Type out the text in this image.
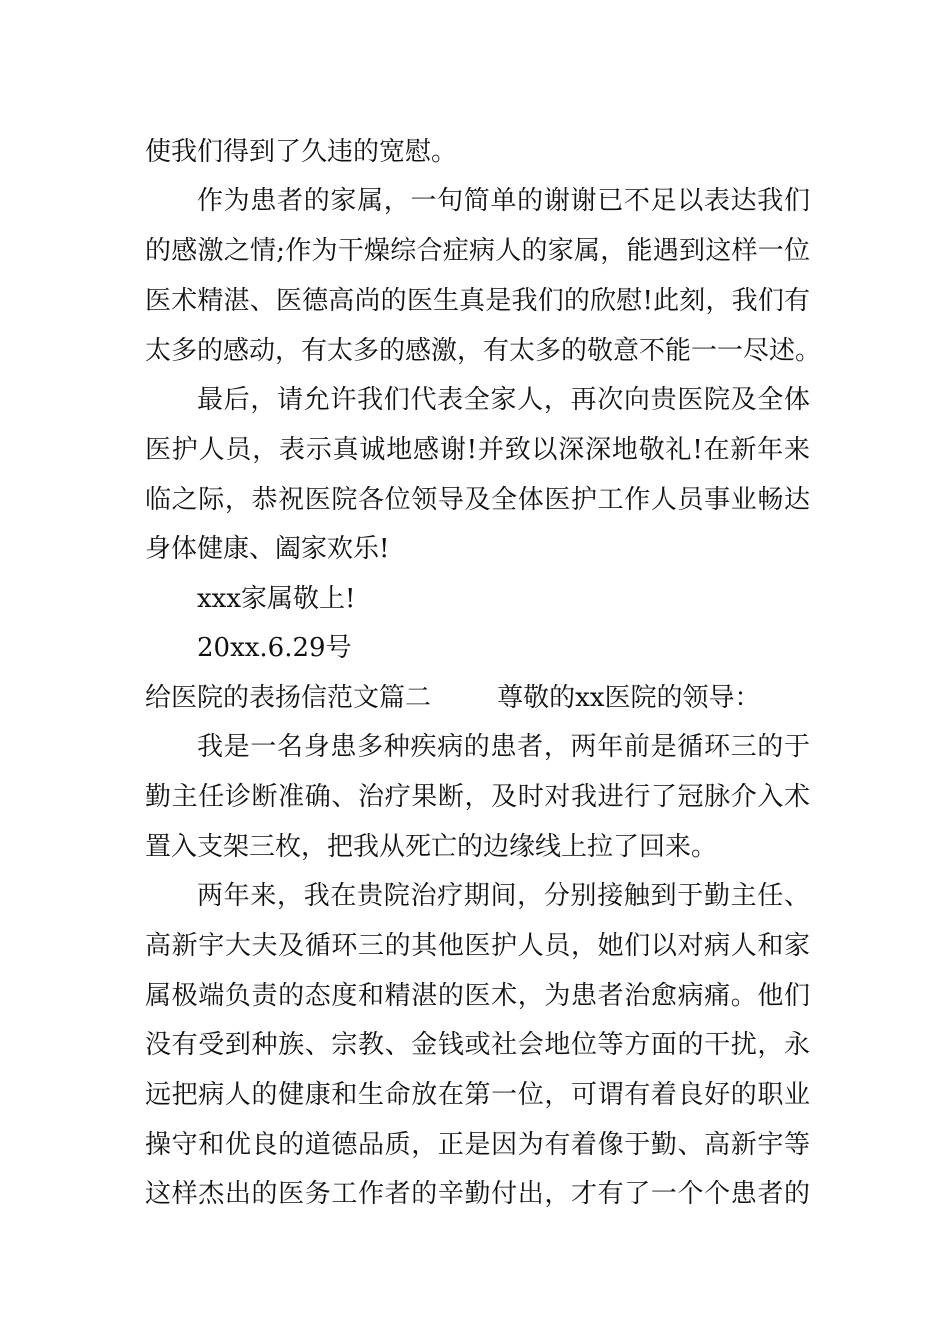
使我们得到了久违的宽慰。

作为患者的家属，一句简单的谢谢已不足以表达我们

的感激之情;作为干燥综合症病人的家属，能遇到这样一位

医术精湛、医德高尚的医生真是我们的欣慰!此刻，我们有

太多的感动，有太多的感激，有太多的敬意不能一一尽述。

最后，请允许我们代表全家人，再次向贵医院及全体

医护人员，表示真诚地感谢!并致以深深地敬礼!在新年来

临之际，恭祝医院各位领导及全体医护工作人员事业畅达

身体健康、阖家欢乐!

xxx家属敬上!

20xx.6.29号

给医院的表扬信范文篇二        尊敬的xx医院的领导：

我是一名身患多种疾病的患者，两年前是循环三的于

勤主任诊断准确、治疗果断，及时对我进行了冠脉介入术

置入支架三枚，把我从死亡的边缘线上拉了回来。

两年来，我在贵院治疗期间，分别接触到于勤主任、

高新宇大夫及循环三的其他医护人员，她们以对病人和家

属极端负责的态度和精湛的医术，为患者治愈病痛。他们

没有受到种族、宗教、金钱或社会地位等方面的干扰，永

远把病人的健康和生命放在第一位，可谓有着良好的职业

操守和优良的道德品质，正是因为有着像于勤、高新宇等

这样杰出的医务工作者的辛勤付出，才有了一个个患者的
